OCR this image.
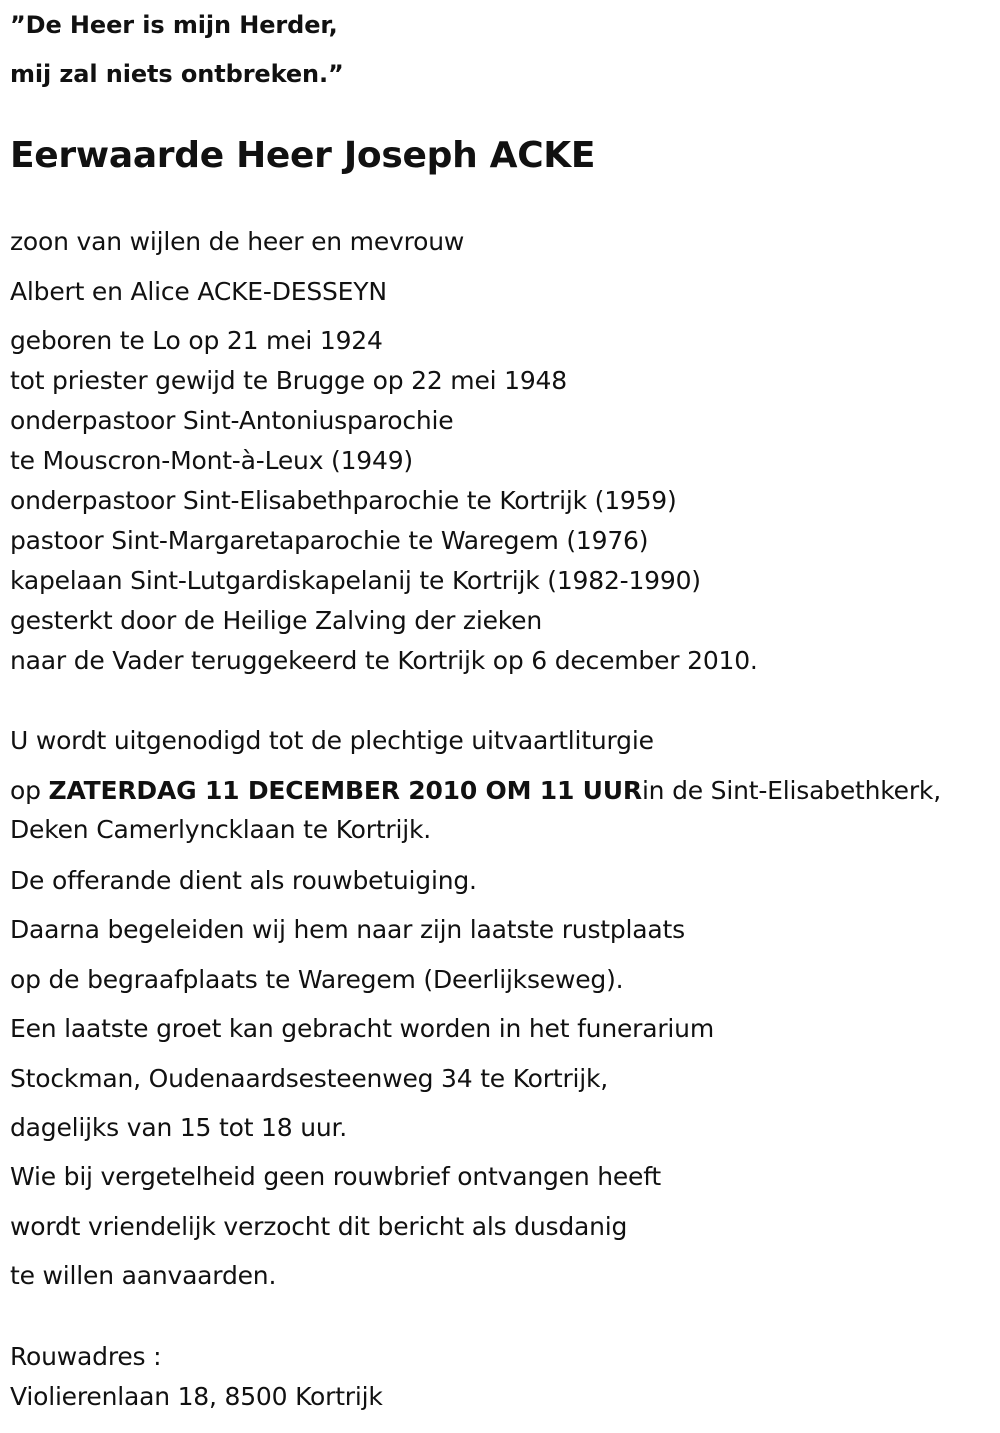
”De Heer is mijn Herder,
mij zal niets ontbreken.”
Eerwaarde Heer Joseph ACKE
zoon van wijlen de heer en mevrouw
Albert en Alice ACKE-DESSEYN
geboren te Lo op 21 mei 1924
tot priester gewijd te Brugge op 22 mei 1948
onderpastoor Sint-Antoniusparochie
te Mouscron-Mont-à-Leux (1949)
onderpastoor Sint-Elisabethparochie te Kortrijk (1959)
pastoor Sint-Margaretaparochie te Waregem (1976)
kapelaan Sint-Lutgardiskapelanij te Kortrijk (1982-1990)
gesterkt door de Heilige Zalving der zieken
naar de Vader teruggekeerd te Kortrijk op 6 december 2010.
U wordt uitgenodigd tot de plechtige uitvaartliturgie
op ZATERDAG 11 DECEMBER 2010 OM 11 UURin de Sint-Elisabethkerk,
Deken Camerlyncklaan te Kortrijk.
De offerande dient als rouwbetuiging.
Daarna begeleiden wij hem naar zijn laatste rustplaats
op de begraafplaats te Waregem (Deerlijkseweg).
Een laatste groet kan gebracht worden in het funerarium
Stockman, Oudenaardsesteenweg 34 te Kortrijk,
dagelijks van 15 tot 18 uur.
Wie bij vergetelheid geen rouwbrief ontvangen heeft
wordt vriendelijk verzocht dit bericht als dusdanig
te willen aanvaarden.
Rouwadres :
Violierenlaan 18, 8500 Kortrijk
